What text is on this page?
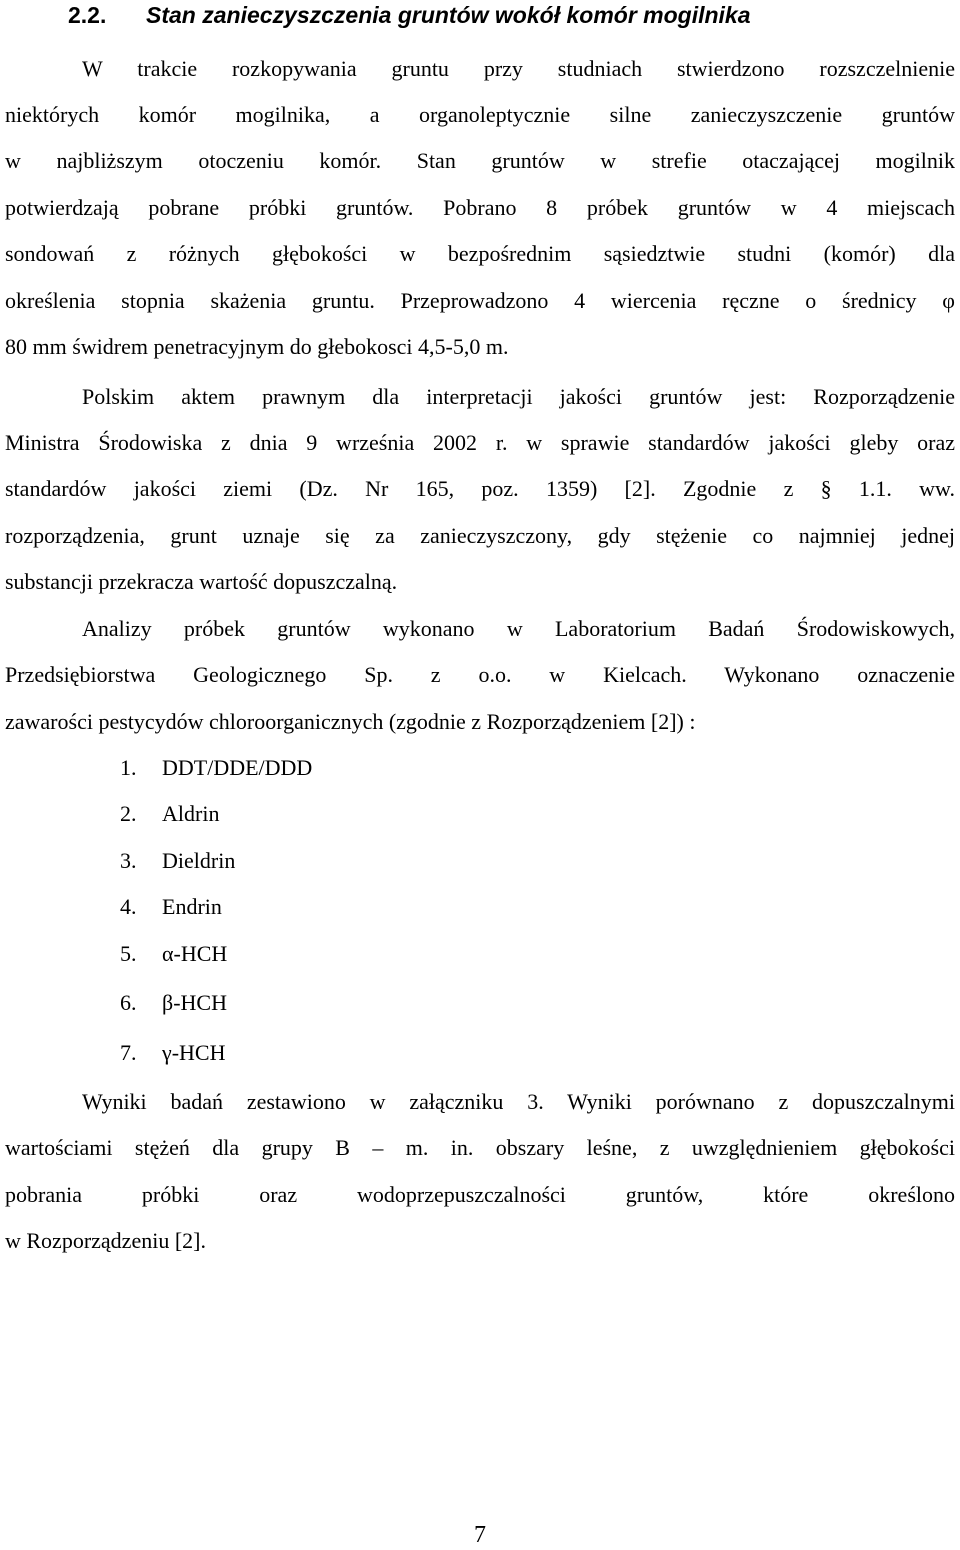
2.2. Stan zanieczyszczenia gruntów wokół komór mogilnika
W trakcie rozkopywania gruntu przy studniach stwierdzono rozszczelnienie
niektórych komór mogilnika, a organoleptycznie silne zanieczyszczenie gruntów
w najbliższym otoczeniu komór. Stan gruntów w strefie otaczającej mogilnik
potwierdzają pobrane próbki gruntów. Pobrano 8 próbek gruntów w 4 miejscach
sondowań z różnych głębokości w bezpośrednim sąsiedztwie studni (komór) dla
określenia stopnia skażenia gruntu. Przeprowadzono 4 wiercenia ręczne o średnicy φ
80 mm świdrem penetracyjnym do głebokosci 4,5-5,0 m.
Polskim aktem prawnym dla interpretacji jakości gruntów jest: Rozporządzenie
Ministra Środowiska z dnia 9 września 2002 r. w sprawie standardów jakości gleby oraz
standardów jakości ziemi (Dz. Nr 165, poz. 1359) [2]. Zgodnie z § 1.1. ww.
rozporządzenia, grunt uznaje się za zanieczyszczony, gdy stężenie co najmniej jednej
substancji przekracza wartość dopuszczalną.
Analizy próbek gruntów wykonano w Laboratorium Badań Środowiskowych,
Przedsiębiorstwa Geologicznego Sp. z o.o. w Kielcach. Wykonano oznaczenie
zawarości pestycydów chloroorganicznych (zgodnie z Rozporządzeniem [2]) :
1. DDT/DDE/DDD
2. Aldrin
3. Dieldrin
4. Endrin
5. α-HCH
6. β-HCH
7. γ-HCH
Wyniki badań zestawiono w załączniku 3. Wyniki porównano z dopuszczalnymi
wartościami stężeń dla grupy B – m. in. obszary leśne, z uwzględnieniem głębokości
pobrania próbki oraz wodoprzepuszczalności gruntów, które określono
w Rozporządzeniu [2].
7
